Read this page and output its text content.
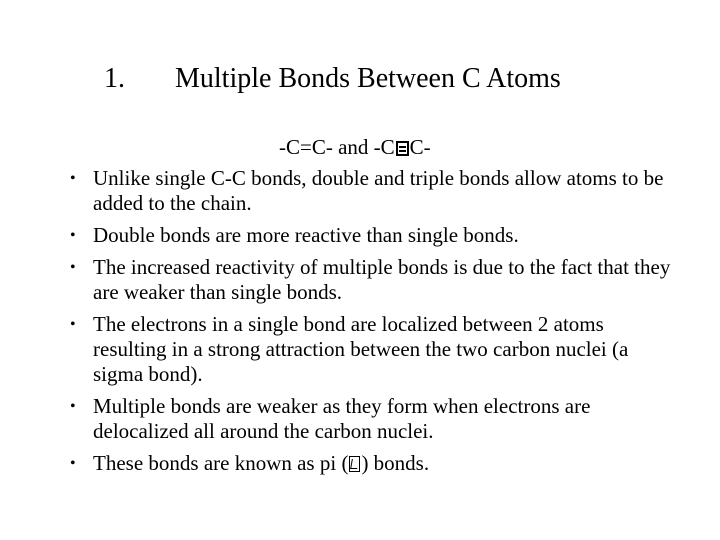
1. Multiple Bonds Between C Atoms
-C=C- and -C C-
• Unlike single C-C bonds, double and triple bonds allow atoms to be added to the chain.
• Double bonds are more reactive than single bonds.
• The increased reactivity of multiple bonds is due to the fact that they are weaker than single bonds.
• The electrons in a single bond are localized between 2 atoms resulting in a strong attraction between the two carbon nuclei (a sigma bond).
• Multiple bonds are weaker as they form when electrons are delocalized all around the carbon nuclei.
• These bonds are known as pi ( ) bonds.
